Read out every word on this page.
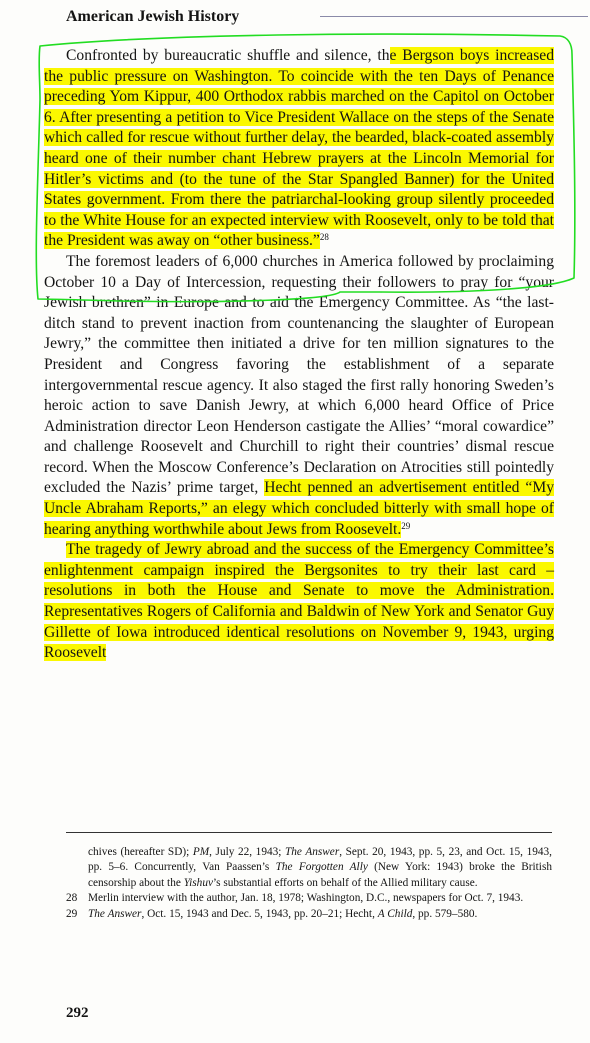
American Jewish History

Confronted by bureaucratic shuffle and silence, the Bergson boys increased the public pressure on Washington. To coincide with the ten Days of Penance preceding Yom Kippur, 400 Orthodox rabbis marched on the Capitol on October 6. After presenting a petition to Vice President Wallace on the steps of the Senate which called for rescue without further delay, the bearded, black-coated assembly heard one of their number chant Hebrew prayers at the Lincoln Memorial for Hitler’s victims and (to the tune of the Star Spangled Banner) for the United States government. From there the patriarchal-looking group silently proceeded to the White House for an expected interview with Roosevelt, only to be told that the President was away on “other business.”$^{28}$

The foremost leaders of 6,000 churches in America followed by proclaiming October 10 a Day of Intercession, requesting their followers to pray for “your Jewish brethren” in Europe and to aid the Emergency Committee. As “the last-ditch stand to prevent inaction from countenancing the slaughter of European Jewry,” the committee then initiated a drive for ten million signatures to the President and Congress favoring the establishment of a separate intergovernmental rescue agency. It also staged the first rally honoring Sweden’s heroic action to save Danish Jewry, at which 6,000 heard Office of Price Administration director Leon Henderson castigate the Allies’ “moral cowardice” and challenge Roosevelt and Churchill to right their countries’ dismal rescue record. When the Moscow Conference’s Declaration on Atrocities still pointedly excluded the Nazis’ prime target, Hecht penned an advertisement entitled “My Uncle Abraham Reports,” an elegy which concluded bitterly with small hope of hearing anything worthwhile about Jews from Roosevelt.$^{29}$

The tragedy of Jewry abroad and the success of the Emergency Committee’s enlightenment campaign inspired the Bergsonites to try their last card – resolutions in both the House and Senate to move the Administration. Representatives Rogers of California and Baldwin of New York and Senator Guy Gillette of Iowa introduced identical resolutions on November 9, 1943, urging Roosevelt

chives (hereafter SD); PM, July 22, 1943; The Answer, Sept. 20, 1943, pp. 5, 23, and Oct. 15, 1943, pp. 5–6. Concurrently, Van Paassen’s The Forgotten Ally (New York: 1943) broke the British censorship about the Yishuv’s substantial efforts on behalf of the Allied military cause.
28 Merlin interview with the author, Jan. 18, 1978; Washington, D.C., newspapers for Oct. 7, 1943.
29 The Answer, Oct. 15, 1943 and Dec. 5, 1943, pp. 20–21; Hecht, A Child, pp. 579–580.
292
